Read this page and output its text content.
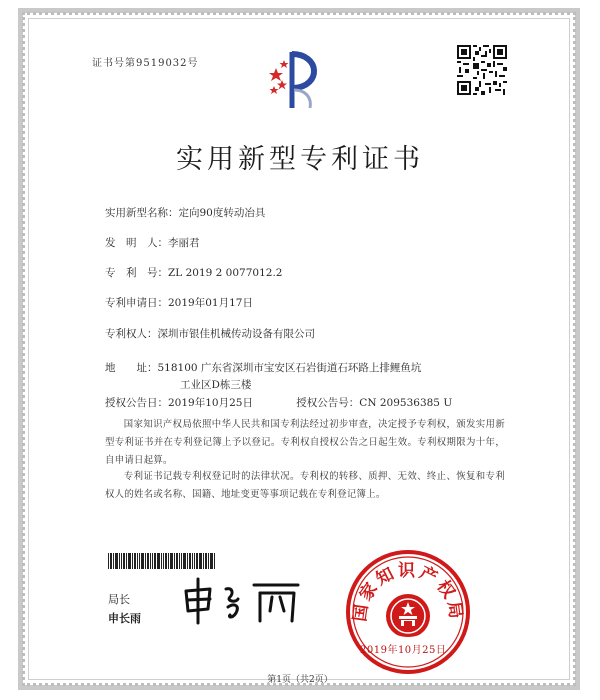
证书号第9519032号
实用新型专利证书
实用新型名称：定向90度转动冶具
发　明　人：李丽君
专　利　号：ZL 2019 2 0077012.2
专利申请日：2019年01月17日
专利权人：深圳市银佳机械传动设备有限公司
地　　址：518100 广东省深圳市宝安区石岩街道石环路上排鲤鱼坑
工业区D栋三楼
授权公告日：2019年10月25日	授权公告号：CN 209536385 U
国家知识产权局依照中华人民共和国专利法经过初步审查，决定授予专利权，颁发实用新型专利证书并在专利登记簿上予以登记。专利权自授权公告之日起生效。专利权期限为十年，自申请日起算。
专利证书记载专利权登记时的法律状况。专利权的转移、质押、无效、终止、恢复和专利权人的姓名或名称、国籍、地址变更等事项记载在专利登记簿上。
局长
申长雨	国家知识产权局
2019年10月25日
第1页（共2页）
